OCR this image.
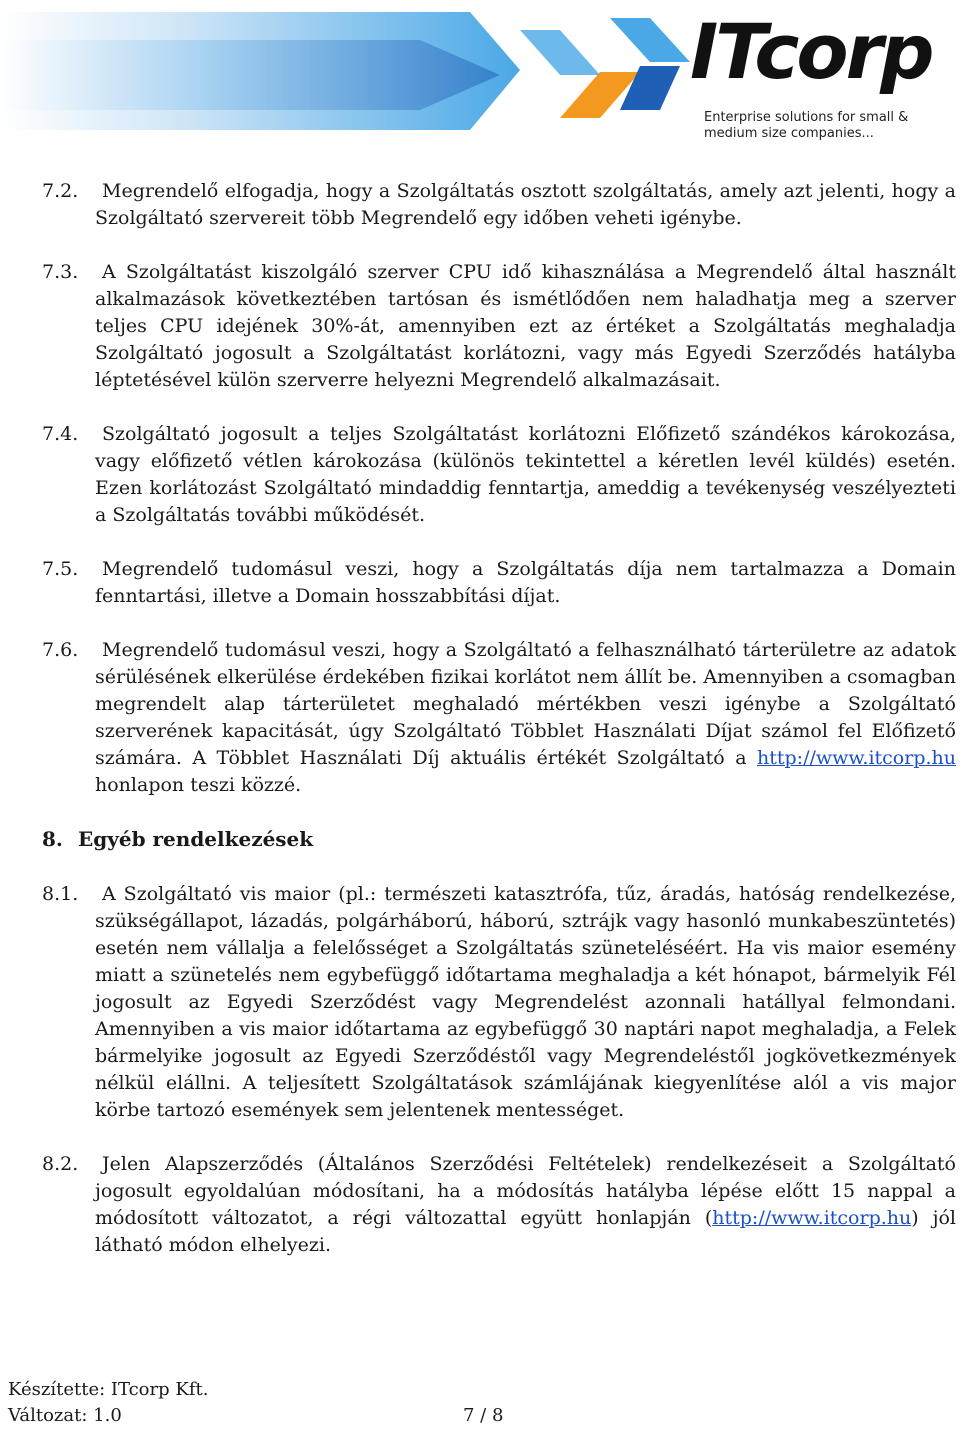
ITcorp
Enterprise solutions for small & medium size companies...
7.2.	Megrendelő elfogadja, hogy a Szolgáltatás osztott szolgáltatás, amely azt jelenti, hogy a Szolgáltató szervereit több Megrendelő egy időben veheti igénybe.
7.3.	A Szolgáltatást kiszolgáló szerver CPU idő kihasználása a Megrendelő által használt alkalmazások következtében tartósan és ismétlődően nem haladhatja meg a szerver teljes CPU idejének 30%-át, amennyiben ezt az értéket a Szolgáltatás meghaladja Szolgáltató jogosult a Szolgáltatást korlátozni, vagy más Egyedi Szerződés hatályba léptetésével külön szerverre helyezni Megrendelő alkalmazásait.
7.4.	Szolgáltató jogosult a teljes Szolgáltatást korlátozni Előfizető szándékos károkozása, vagy előfizető vétlen károkozása (különös tekintettel a kéretlen levél küldés) esetén. Ezen korlátozást Szolgáltató mindaddig fenntartja, ameddig a tevékenység veszélyezteti a Szolgáltatás további működését.
7.5.	Megrendelő tudomásul veszi, hogy a Szolgáltatás díja nem tartalmazza a Domain fenntartási, illetve a Domain hosszabbítási díjat.
7.6.	Megrendelő tudomásul veszi, hogy a Szolgáltató a felhasználható tárterületre az adatok sérülésének elkerülése érdekében fizikai korlátot nem állít be. Amennyiben a csomagban megrendelt alap tárterületet meghaladó mértékben veszi igénybe a Szolgáltató szerverének kapacitását, úgy Szolgáltató Többlet Használati Díjat számol fel Előfizető számára. A Többlet Használati Díj aktuális értékét Szolgáltató a http://www.itcorp.hu honlapon teszi közzé.
8. Egyéb rendelkezések
8.1.	A Szolgáltató vis maior (pl.: természeti katasztrófa, tűz, áradás, hatóság rendelkezése, szükségállapot, lázadás, polgárháború, háború, sztrájk vagy hasonló munkabeszüntetés) esetén nem vállalja a felelősséget a Szolgáltatás szüneteléséért. Ha vis maior esemény miatt a szünetelés nem egybefüggő időtartama meghaladja a két hónapot, bármelyik Fél jogosult az Egyedi Szerződést vagy Megrendelést azonnali hatállyal felmondani. Amennyiben a vis maior időtartama az egybefüggő 30 naptári napot meghaladja, a Felek bármelyike jogosult az Egyedi Szerződéstől vagy Megrendeléstől jogkövetkezmények nélkül elállni. A teljesített Szolgáltatások számlájának kiegyenlítése alól a vis major körbe tartozó események sem jelentenek mentességet.
8.2.	Jelen Alapszerződés (Általános Szerződési Feltételek) rendelkezéseit a Szolgáltató jogosult egyoldalúan módosítani, ha a módosítás hatályba lépése előtt 15 nappal a módosított változatot, a régi változattal együtt honlapján (http://www.itcorp.hu) jól látható módon elhelyezi.
Készítette: ITcorp Kft.
Változat: 1.0	7 / 8
